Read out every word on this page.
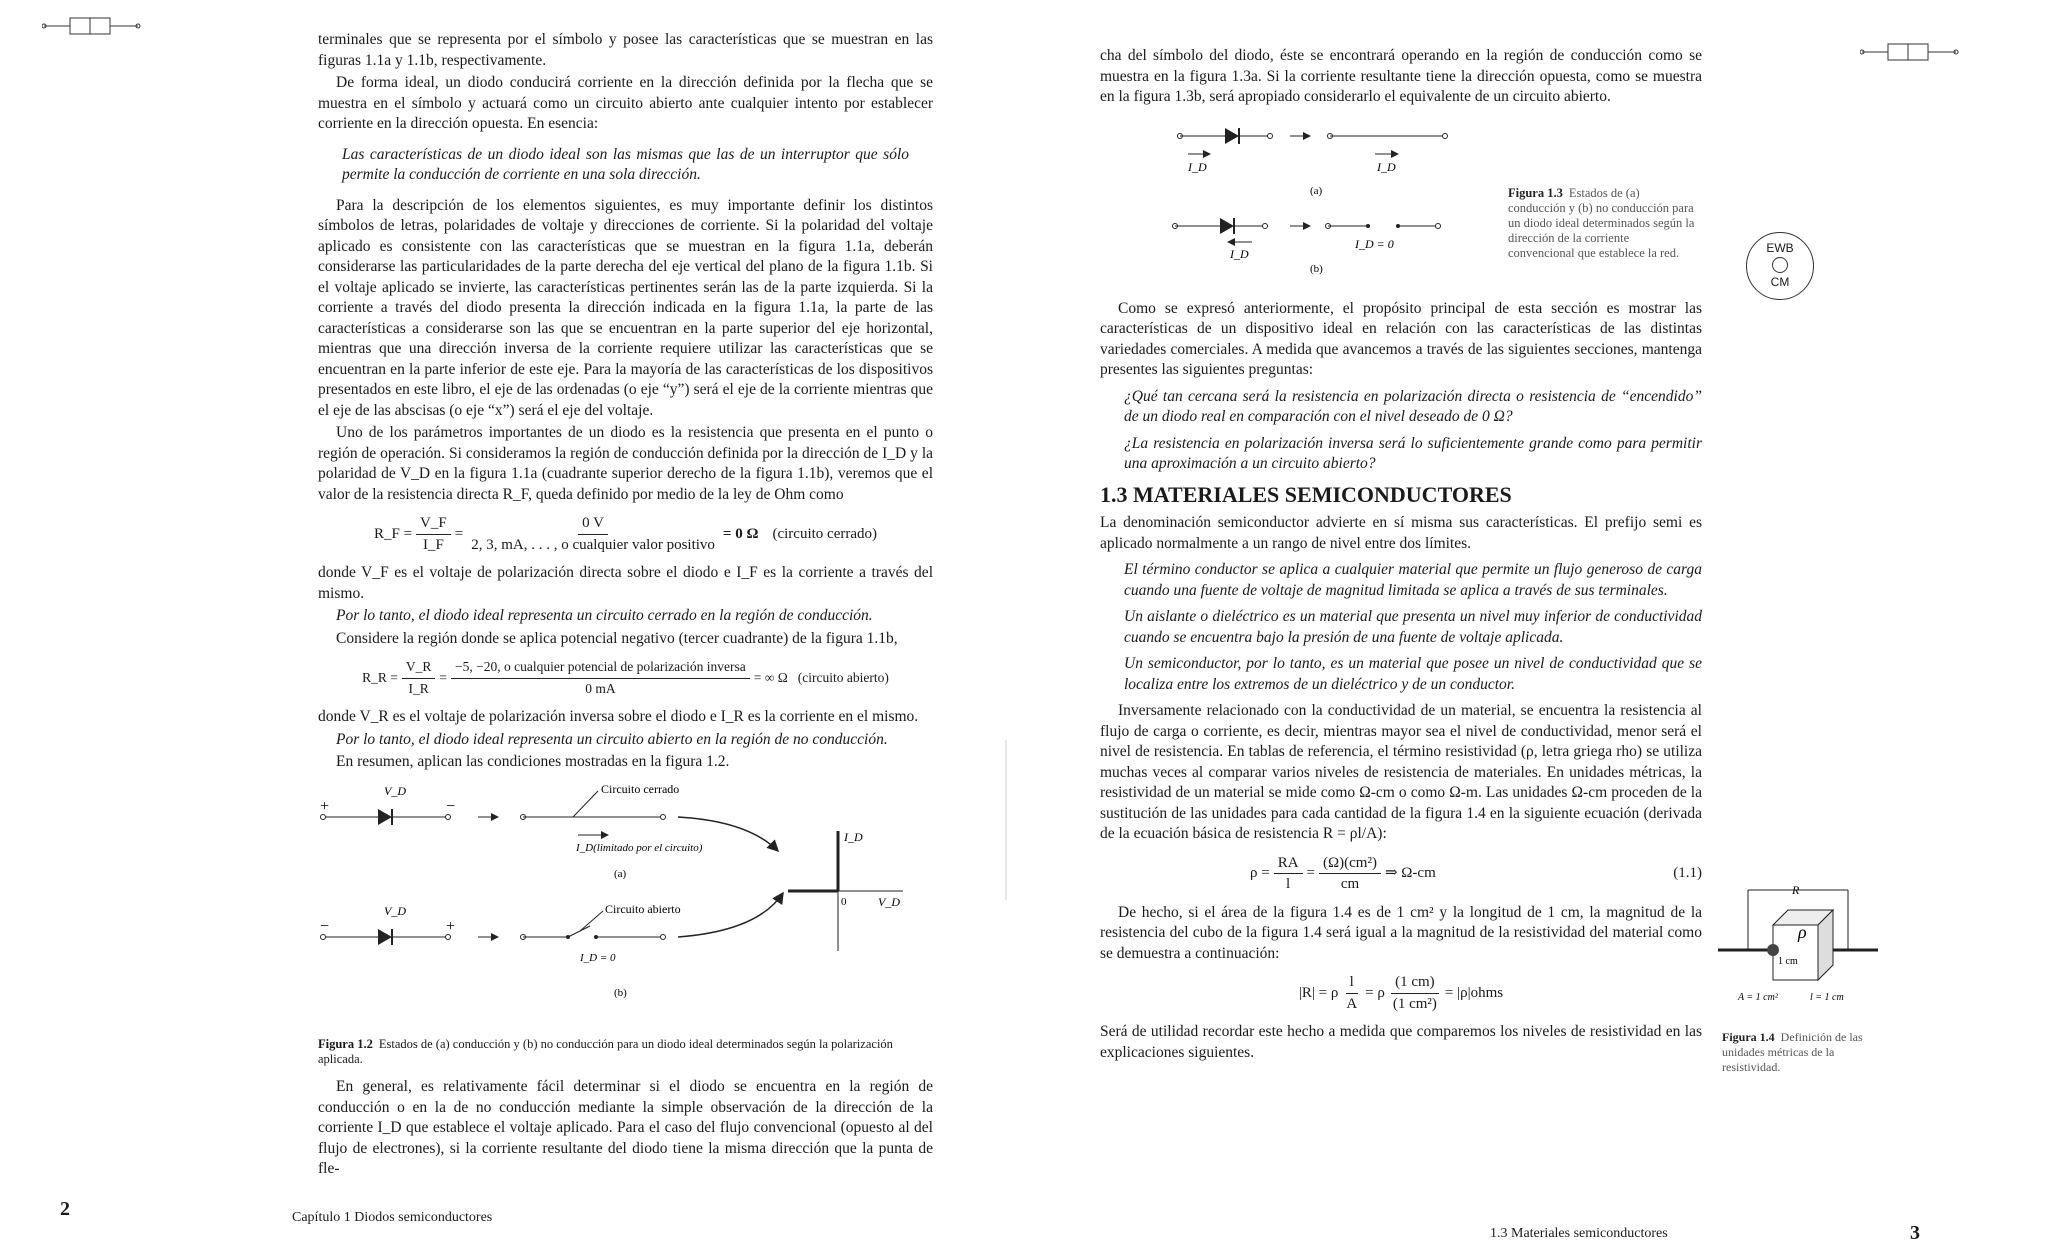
terminales que se representa por el símbolo y posee las características que se muestran en las figuras 1.1a y 1.1b, respectivamente.

De forma ideal, un diodo conducirá corriente en la dirección definida por la flecha que se muestra en el símbolo y actuará como un circuito abierto ante cualquier intento por establecer corriente en la dirección opuesta. En esencia:

Las características de un diodo ideal son las mismas que las de un interruptor que sólo permite la conducción de corriente en una sola dirección.

Para la descripción de los elementos siguientes, es muy importante definir los distintos símbolos de letras, polaridades de voltaje y direcciones de corriente. Si la polaridad del voltaje aplicado es consistente con las características que se muestran en la figura 1.1a, deberán considerarse las particularidades de la parte derecha del eje vertical del plano de la figura 1.1b. Si el voltaje aplicado se invierte, las características pertinentes serán las de la parte izquierda. Si la corriente a través del diodo presenta la dirección indicada en la figura 1.1a, la parte de las características a considerarse son las que se encuentran en la parte superior del eje horizontal, mientras que una dirección inversa de la corriente requiere utilizar las características que se encuentran en la parte inferior de este eje. Para la mayoría de las características de los dispositivos presentados en este libro, el eje de las ordenadas (o eje “y”) será el eje de la corriente mientras que el eje de las abscisas (o eje “x”) será el eje del voltaje.

Uno de los parámetros importantes de un diodo es la resistencia que presenta en el punto o región de operación. Si consideramos la región de conducción definida por la dirección de I_D y la polaridad de V_D en la figura 1.1a (cuadrante superior derecho de la figura 1.1b), veremos que el valor de la resistencia directa R_F, queda definido por medio de la ley de Ohm como

R_F = $\frac{V\_F}{I\_F} = \frac{0 V}{\text{2, 3, mA, . . . , o cualquier valor positivo}} = 0$ Ω (circuito cerrado)

donde V_F es el voltaje de polarización directa sobre el diodo e I_F es la corriente a través del mismo.

Por lo tanto, el diodo ideal representa un circuito cerrado en la región de conducción.

Considere la región donde se aplica potencial negativo (tercer cuadrante) de la figura 1.1b,

R_R = $\frac{V\_R}{I\_R} = \frac{\text{−5, −20, o cualquier potencial de polarización inversa}}{0 mA}$ = ∞ Ω (circuito abierto)

donde V_R es el voltaje de polarización inversa sobre el diodo e I_R es la corriente en el mismo.

Por lo tanto, el diodo ideal representa un circuito abierto en la región de no conducción.

En resumen, aplican las condiciones mostradas en la figura 1.2.

+	−
V_D	Circuito cerrado
I_D(limitado por el circuito)
(a)
I_D
V_D
0
−	+
V_D	Circuito abierto
I_D = 0
(b)
Figura 1.2 Estados de (a) conducción y (b) no conducción para un diodo ideal determinados según la polarización aplicada.

En general, es relativamente fácil determinar si el diodo se encuentra en la región de conducción o en la de no conducción mediante la simple observación de la dirección de la corriente I_D que establece el voltaje aplicado. Para el caso del flujo convencional (opuesto al del flujo de electrones), si la corriente resultante del diodo tiene la misma dirección que la punta de fle-

2	Capítulo 1 Diodos semiconductores

cha del símbolo del diodo, éste se encontrará operando en la región de conducción como se muestra en la figura 1.3a. Si la corriente resultante tiene la dirección opuesta, como se muestra en la figura 1.3b, será apropiado considerarlo el equivalente de un circuito abierto.

I_D	I_D
(a)
I_D
I_D = 0
(b)
Figura 1.3 Estados de (a) conducción y (b) no conducción para un diodo ideal determinados según la dirección de la corriente convencional que establece la red.

Como se expresó anteriormente, el propósito principal de esta sección es mostrar las características de un dispositivo ideal en relación con las características de las distintas variedades comerciales. A medida que avancemos a través de las siguientes secciones, mantenga presentes las siguientes preguntas:

¿Qué tan cercana será la resistencia en polarización directa o resistencia de “encendido” de un diodo real en comparación con el nivel deseado de 0 Ω?

¿La resistencia en polarización inversa será lo suficientemente grande como para permitir una aproximación a un circuito abierto?

1.3 MATERIALES SEMICONDUCTORES

La denominación semiconductor advierte en sí misma sus características. El prefijo semi es aplicado normalmente a un rango de nivel entre dos límites.

El término conductor se aplica a cualquier material que permite un flujo generoso de carga cuando una fuente de voltaje de magnitud limitada se aplica a través de sus terminales.

Un aislante o dieléctrico es un material que presenta un nivel muy inferior de conductividad cuando se encuentra bajo la presión de una fuente de voltaje aplicada.

Un semiconductor, por lo tanto, es un material que posee un nivel de conductividad que se localiza entre los extremos de un dieléctrico y de un conductor.

Inversamente relacionado con la conductividad de un material, se encuentra la resistencia al flujo de carga o corriente, es decir, mientras mayor sea el nivel de conductividad, menor será el nivel de resistencia. En tablas de referencia, el término resistividad (ρ, letra griega rho) se utiliza muchas veces al comparar varios niveles de resistencia de materiales. En unidades métricas, la resistividad de un material se mide como Ω-cm o como Ω-m. Las unidades Ω-cm proceden de la sustitución de las unidades para cada cantidad de la figura 1.4 en la siguiente ecuación (derivada de la ecuación básica de resistencia R = ρl/A):

$\rho = \frac{RA}{l} = \frac{\text{(Ω)(cm²)}}{cm}$ ⇒ Ω-cm	(1.1)

De hecho, si el área de la figura 1.4 es de 1 cm² y la longitud de 1 cm, la magnitud de la resistencia del cubo de la figura 1.4 será igual a la magnitud de la resistividad del material como se demuestra a continuación:

|R| = ρ $\frac{l}{A} = \rho \frac{(1 cm)}{\text{(1 cm²)}}$ = |ρ|ohms

Será de utilidad recordar este hecho a medida que comparemos los niveles de resistividad en las explicaciones siguientes.

EWB
CM
R
ρ
1 cm
A = 1 cm²	l = 1 cm
Figura 1.4 Definición de las unidades métricas de la resistividad.
1.3 Materiales semiconductores	3
